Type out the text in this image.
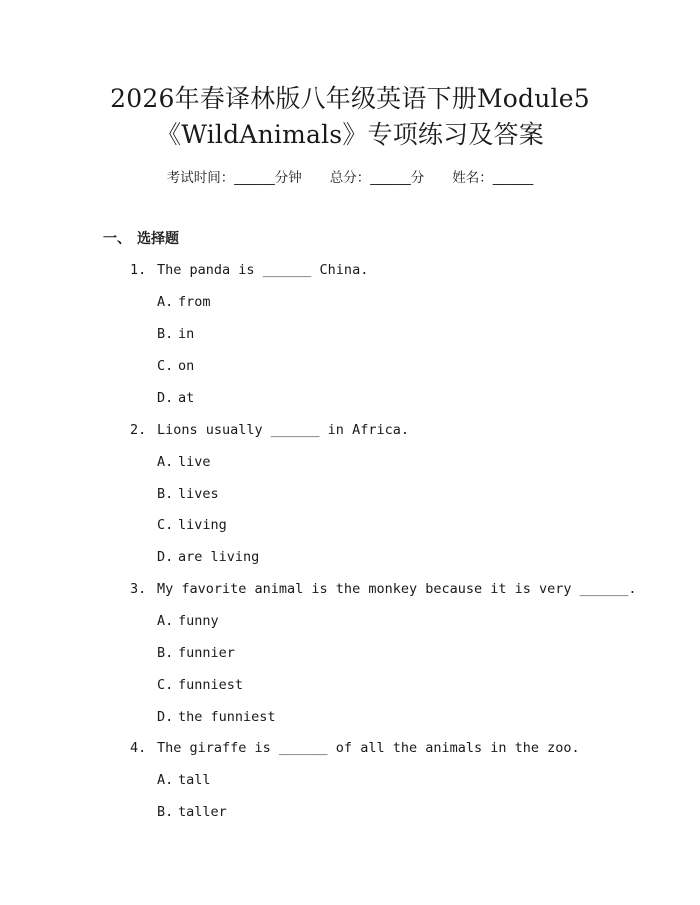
2026年春译林版八年级英语下册Module5
《WildAnimals》专项练习及答案
考试时间：______分钟 总分：______分 姓名：______
一、 选择题
1. The panda is ______ China.
A. from
B. in
C. on
D. at
2. Lions usually ______ in Africa.
A. live
B. lives
C. living
D. are living
3. My favorite animal is the monkey because it is very ______.
A. funny
B. funnier
C. funniest
D. the funniest
4. The giraffe is ______ of all the animals in the zoo.
A. tall
B. taller
